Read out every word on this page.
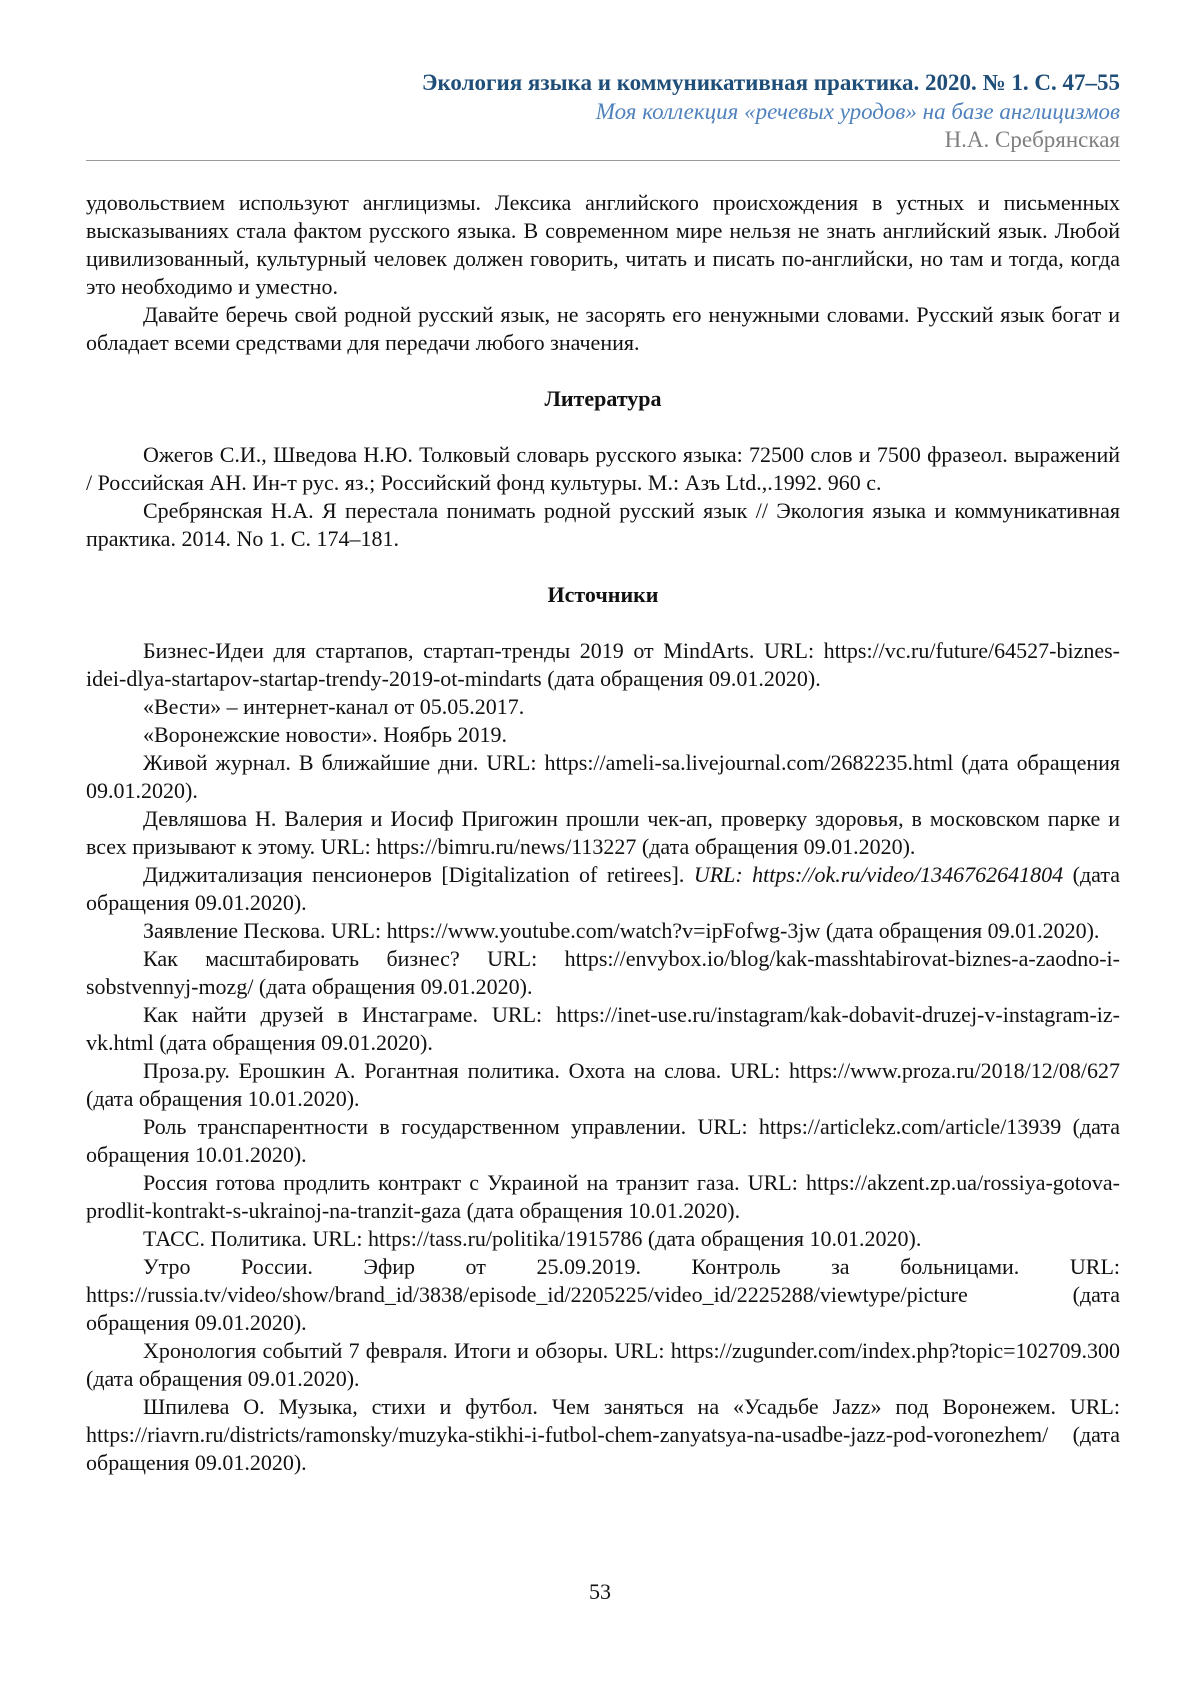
Экология языка и коммуникативная практика. 2020. № 1. С. 47–55
Моя коллекция «речевых уродов» на базе англицизмов
Н.А. Сребрянская

удовольствием используют англицизмы. Лексика английского происхождения в устных и письменных высказываниях стала фактом русского языка. В современном мире нельзя не знать английский язык. Любой цивилизованный, культурный человек должен говорить, читать и писать по-английски, но там и тогда, когда это необходимо и уместно.

Давайте беречь свой родной русский язык, не засорять его ненужными словами. Русский язык богат и обладает всеми средствами для передачи любого значения.

Литература

Ожегов С.И., Шведова Н.Ю. Толковый словарь русского языка: 72500 слов и 7500 фразеол. выражений / Российская АН. Ин-т рус. яз.; Российский фонд культуры. М.: Азъ Ltd.,.1992. 960 с.

Сребрянская Н.А. Я перестала понимать родной русский язык // Экология языка и коммуникативная практика. 2014. No 1. С. 174–181.

Источники

Бизнес-Идеи для стартапов, стартап-тренды 2019 от MindArts. URL: https://vc.ru/future/64527-biznes-idei-dlya-startapov-startap-trendy-2019-ot-mindarts (дата обращения 09.01.2020).

«Вести» – интернет-канал от 05.05.2017.

«Воронежские новости». Ноябрь 2019.

Живой журнал. В ближайшие дни. URL: https://ameli-sa.livejournal.com/2682235.html (дата обращения 09.01.2020).

Девляшова Н. Валерия и Иосиф Пригожин прошли чек-ап, проверку здоровья, в московском парке и всех призывают к этому. URL: https://bimru.ru/news/113227 (дата обращения 09.01.2020).

Диджитализация пенсионеров [Digitalization of retirees]. URL: https://ok.ru/video/1346762641804 (дата обращения 09.01.2020).

Заявление Пескова. URL: https://www.youtube.com/watch?v=ipFofwg-3jw (дата обращения 09.01.2020).

Как масштабировать бизнес? URL: https://envybox.io/blog/kak-masshtabirovat-biznes-a-zaodno-i-sobstvennyj-mozg/ (дата обращения 09.01.2020).

Как найти друзей в Инстаграме. URL: https://inet-use.ru/instagram/kak-dobavit-druzej-v-instagram-iz-vk.html (дата обращения 09.01.2020).

Проза.ру. Ерошкин А. Рогантная политика. Охота на слова. URL: https://www.proza.ru/2018/12/08/627 (дата обращения 10.01.2020).

Роль транспарентности в государственном управлении. URL: https://articlekz.com/article/13939 (дата обращения 10.01.2020).

Россия готова продлить контракт с Украиной на транзит газа. URL: https://akzent.zp.ua/rossiya-gotova-prodlit-kontrakt-s-ukrainoj-na-tranzit-gaza (дата обращения 10.01.2020).

ТАСС. Политика. URL: https://tass.ru/politika/1915786 (дата обращения 10.01.2020).

Утро России. Эфир от 25.09.2019. Контроль за больницами. URL: https://russia.tv/video/show/brand_id/3838/episode_id/2205225/video_id/2225288/viewtype/picture (дата обращения 09.01.2020).

Хронология событий 7 февраля. Итоги и обзоры. URL: https://zugunder.com/index.php?topic=102709.300 (дата обращения 09.01.2020).

Шпилева О. Музыка, стихи и футбол. Чем заняться на «Усадьбе Jazz» под Воронежем. URL: https://riavrn.ru/districts/ramonsky/muzyka-stikhi-i-futbol-chem-zanyatsya-na-usadbe-jazz-pod-voronezhem/ (дата обращения 09.01.2020).

53
